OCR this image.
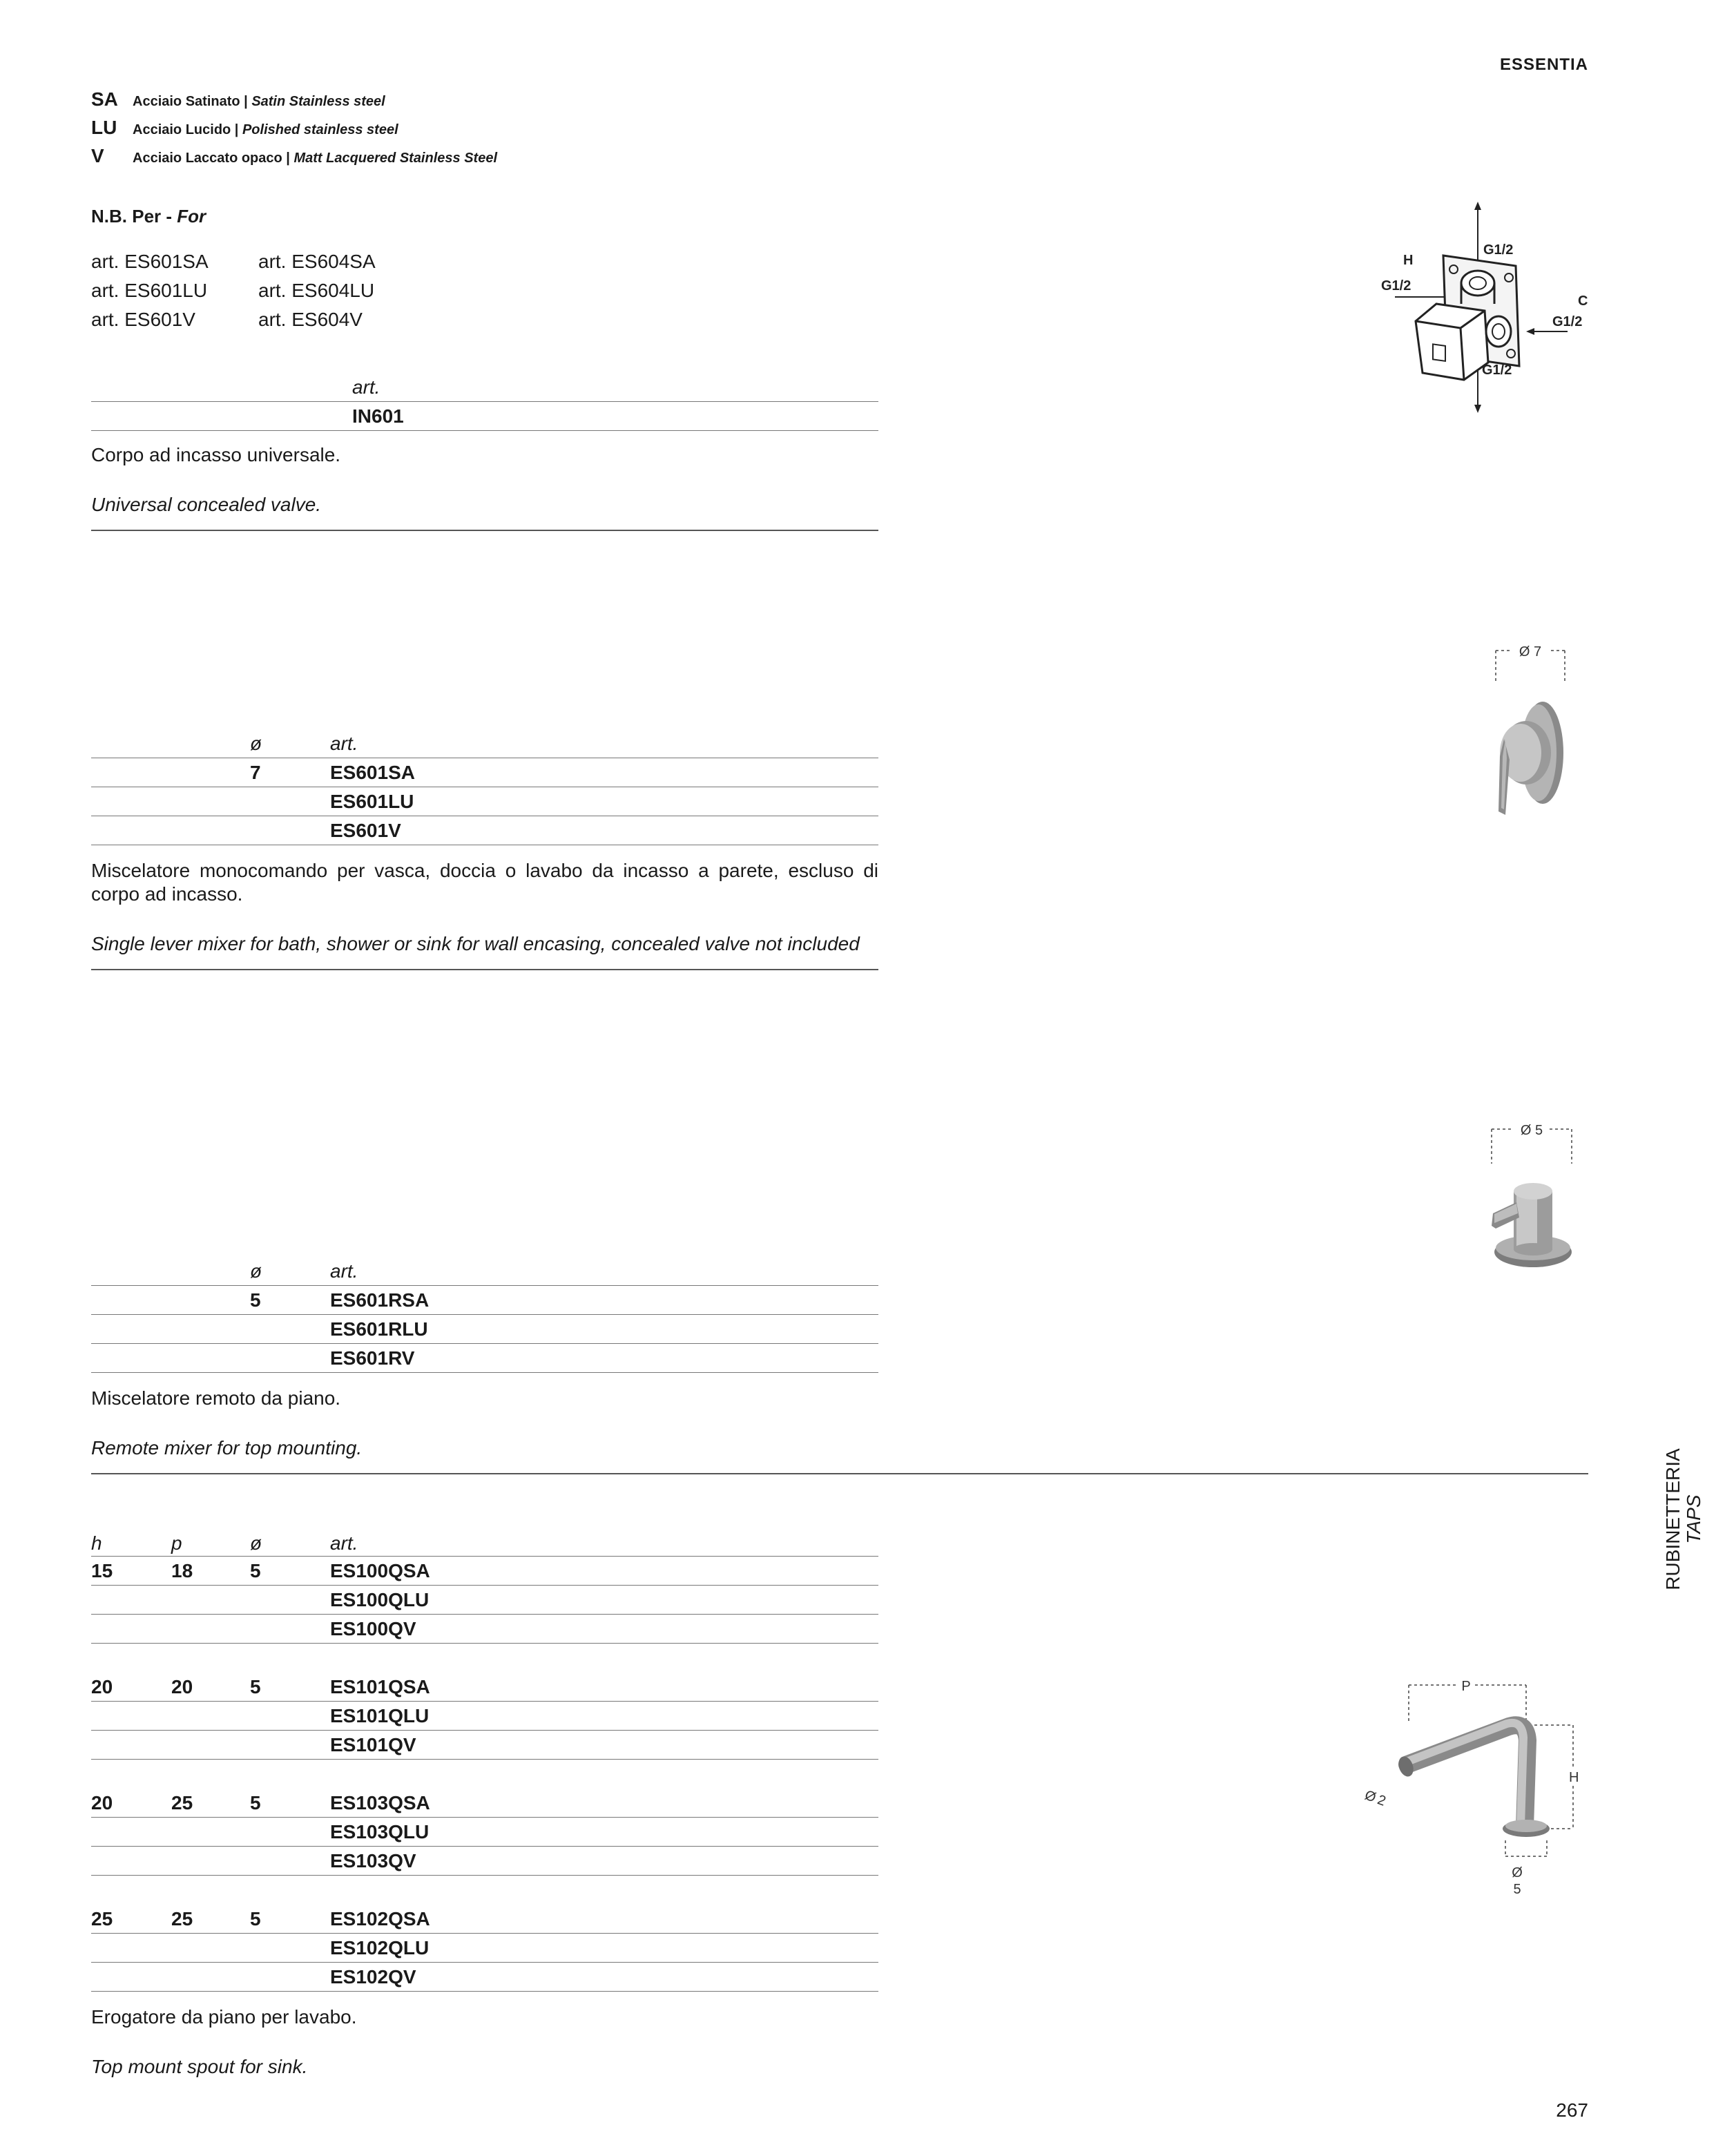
ESSENTIA
SA	Acciaio Satinato | Satin Stainless steel
LU	Acciaio Lucido | Polished stainless steel
V	Acciaio Laccato opaco | Matt Lacquered Stainless Steel
N.B. Per - For
art. ES601SA	art. ES604SA
art. ES601LU	art. ES604LU
art. ES601V	art. ES604V
art.
IN601
Corpo ad incasso universale.
Universal concealed valve.
H
G1/2
G1/2
C
G1/2
G1/2
ø	art.
7	ES601SA
ES601LU
ES601V
Miscelatore monocomando per vasca, doccia o lavabo da incasso a parete, escluso di corpo ad incasso.
Single lever mixer for bath, shower or sink for wall encasing, concealed valve not included
Ø 7
ø	art.
5	ES601RSA
ES601RLU
ES601RV
Miscelatore remoto da piano.
Remote mixer for top mounting.
Ø 5
h	p	ø	art.
15	18	5	ES100QSA
ES100QLU
ES100QV
20	20	5	ES101QSA
ES101QLU
ES101QV
20	25	5	ES103QSA
ES103QLU
ES103QV
25	25	5	ES102QSA
ES102QLU
ES102QV
Erogatore da piano per lavabo.
Top mount spout for sink.
P
H
Ø2
Ø
5
RUBINETTERIA TAPS
267
